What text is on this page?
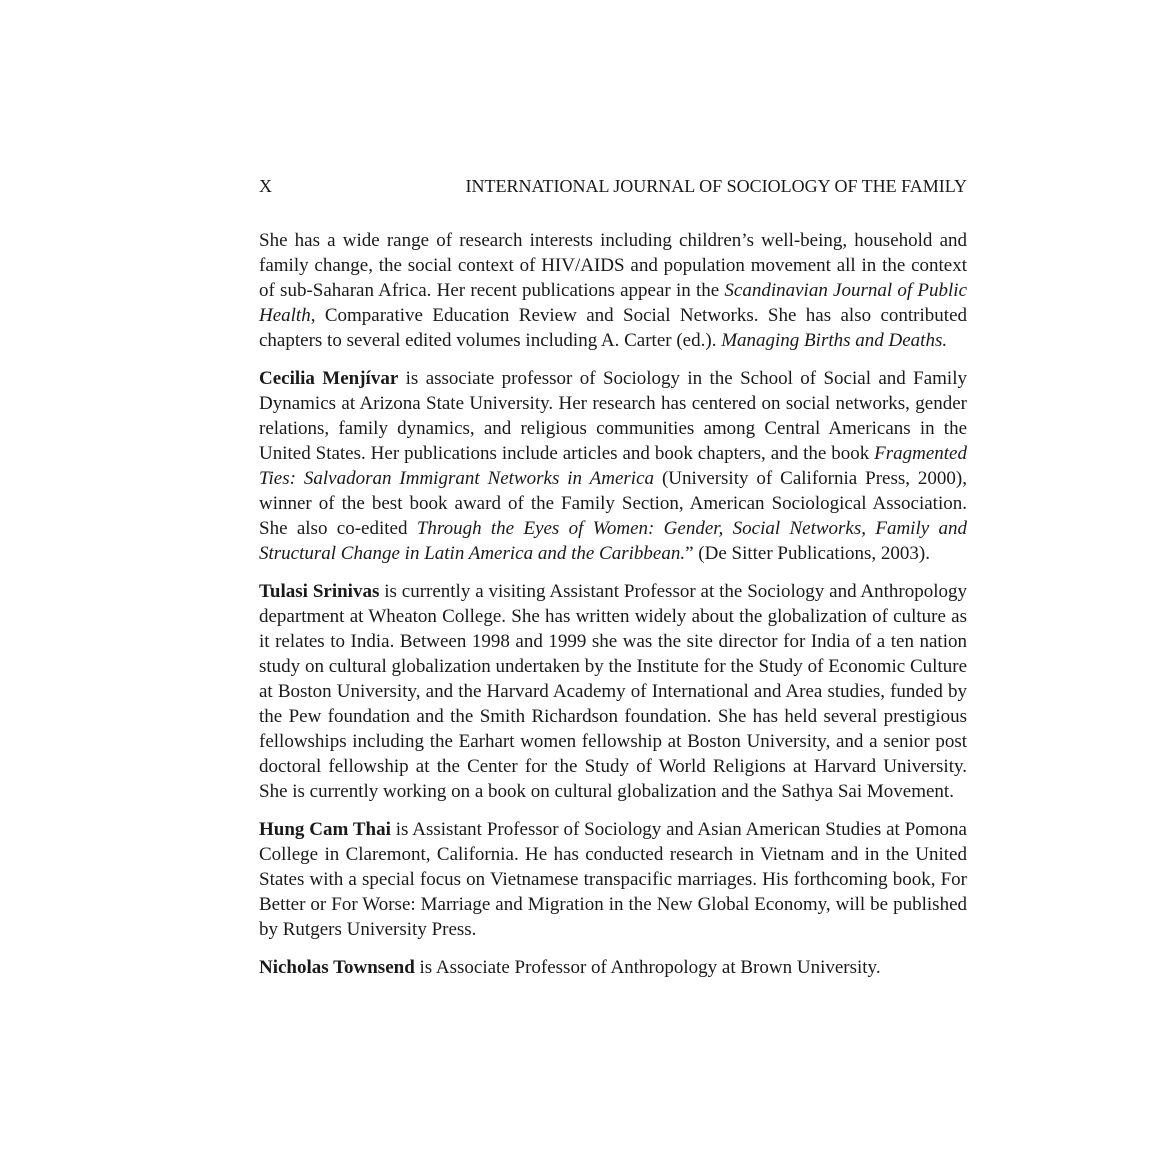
X	INTERNATIONAL JOURNAL OF SOCIOLOGY OF THE FAMILY

She has a wide range of research interests including children’s well-being, household and family change, the social context of HIV/AIDS and population movement all in the context of sub-Saharan Africa. Her recent publications appear in the Scandinavian Journal of Public Health, Comparative Education Review and Social Networks. She has also contributed chapters to several edited volumes including A. Carter (ed.). Managing Births and Deaths.

Cecilia Menjívar is associate professor of Sociology in the School of Social and Family Dynamics at Arizona State University. Her research has centered on social networks, gender relations, family dynamics, and religious communities among Central Americans in the United States. Her publications include articles and book chapters, and the book Fragmented Ties: Salvadoran Immigrant Networks in America (University of California Press, 2000), winner of the best book award of the Family Section, American Sociological Association. She also co-edited Through the Eyes of Women: Gender, Social Networks, Family and Structural Change in Latin America and the Caribbean.” (De Sitter Publications, 2003).

Tulasi Srinivas is currently a visiting Assistant Professor at the Sociology and Anthropology department at Wheaton College. She has written widely about the globalization of culture as it relates to India. Between 1998 and 1999 she was the site director for India of a ten nation study on cultural globalization undertaken by the Institute for the Study of Economic Culture at Boston University, and the Harvard Academy of International and Area studies, funded by the Pew foundation and the Smith Richardson foundation. She has held several prestigious fellowships including the Earhart women fellowship at Boston University, and a senior post doctoral fellowship at the Center for the Study of World Religions at Harvard University. She is currently working on a book on cultural globalization and the Sathya Sai Movement.

Hung Cam Thai is Assistant Professor of Sociology and Asian American Studies at Pomona College in Claremont, California. He has conducted research in Vietnam and in the United States with a special focus on Vietnamese transpacific marriages. His forthcoming book, For Better or For Worse: Marriage and Migration in the New Global Economy, will be published by Rutgers University Press.

Nicholas Townsend is Associate Professor of Anthropology at Brown University.
